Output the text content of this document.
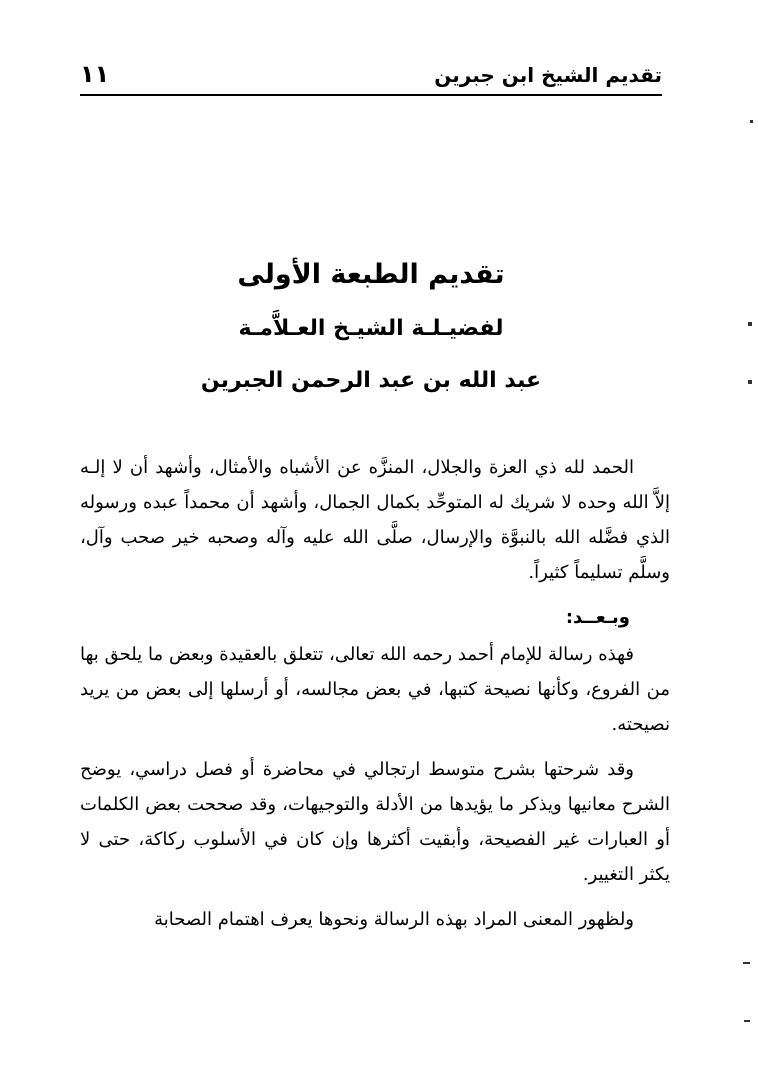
تقديم الشيخ ابن جبرين
١١
تقديم الطبعة الأولى
لفضيـلـة الشيـخ العـلاَّمـة
عبد الله بن عبد الرحمن الجبرين

الحمد لله ذي العزة والجلال، المنزَّه عن الأشباه والأمثال، وأشهد أن لا إلـه إلاَّ الله وحده لا شريك له المتوحِّد بكمال الجمال، وأشهد أن محمداً عبده ورسوله الذي فضَّله الله بالنبوَّة والإرسال، صلَّى الله عليه وآله وصحبه خير صحب وآل، وسلَّم تسليماً كثيراً.

وبـعــد:

فهذه رسالة للإمام أحمد رحمه الله تعالى، تتعلق بالعقيدة وبعض ما يلحق بها من الفروع، وكأنها نصيحة كتبها، في بعض مجالسه، أو أرسلها إلى بعض من يريد نصيحته.

وقد شرحتها بشرح متوسط ارتجالي في محاضرة أو فصل دراسي، يوضح الشرح معانيها ويذكر ما يؤيدها من الأدلة والتوجيهات، وقد صححت بعض الكلمات أو العبارات غير الفصيحة، وأبقيت أكثرها وإن كان في الأسلوب ركاكة، حتى لا يكثر التغيير.

ولظهور المعنى المراد بهذه الرسالة ونحوها يعرف اهتمام الصحابة
